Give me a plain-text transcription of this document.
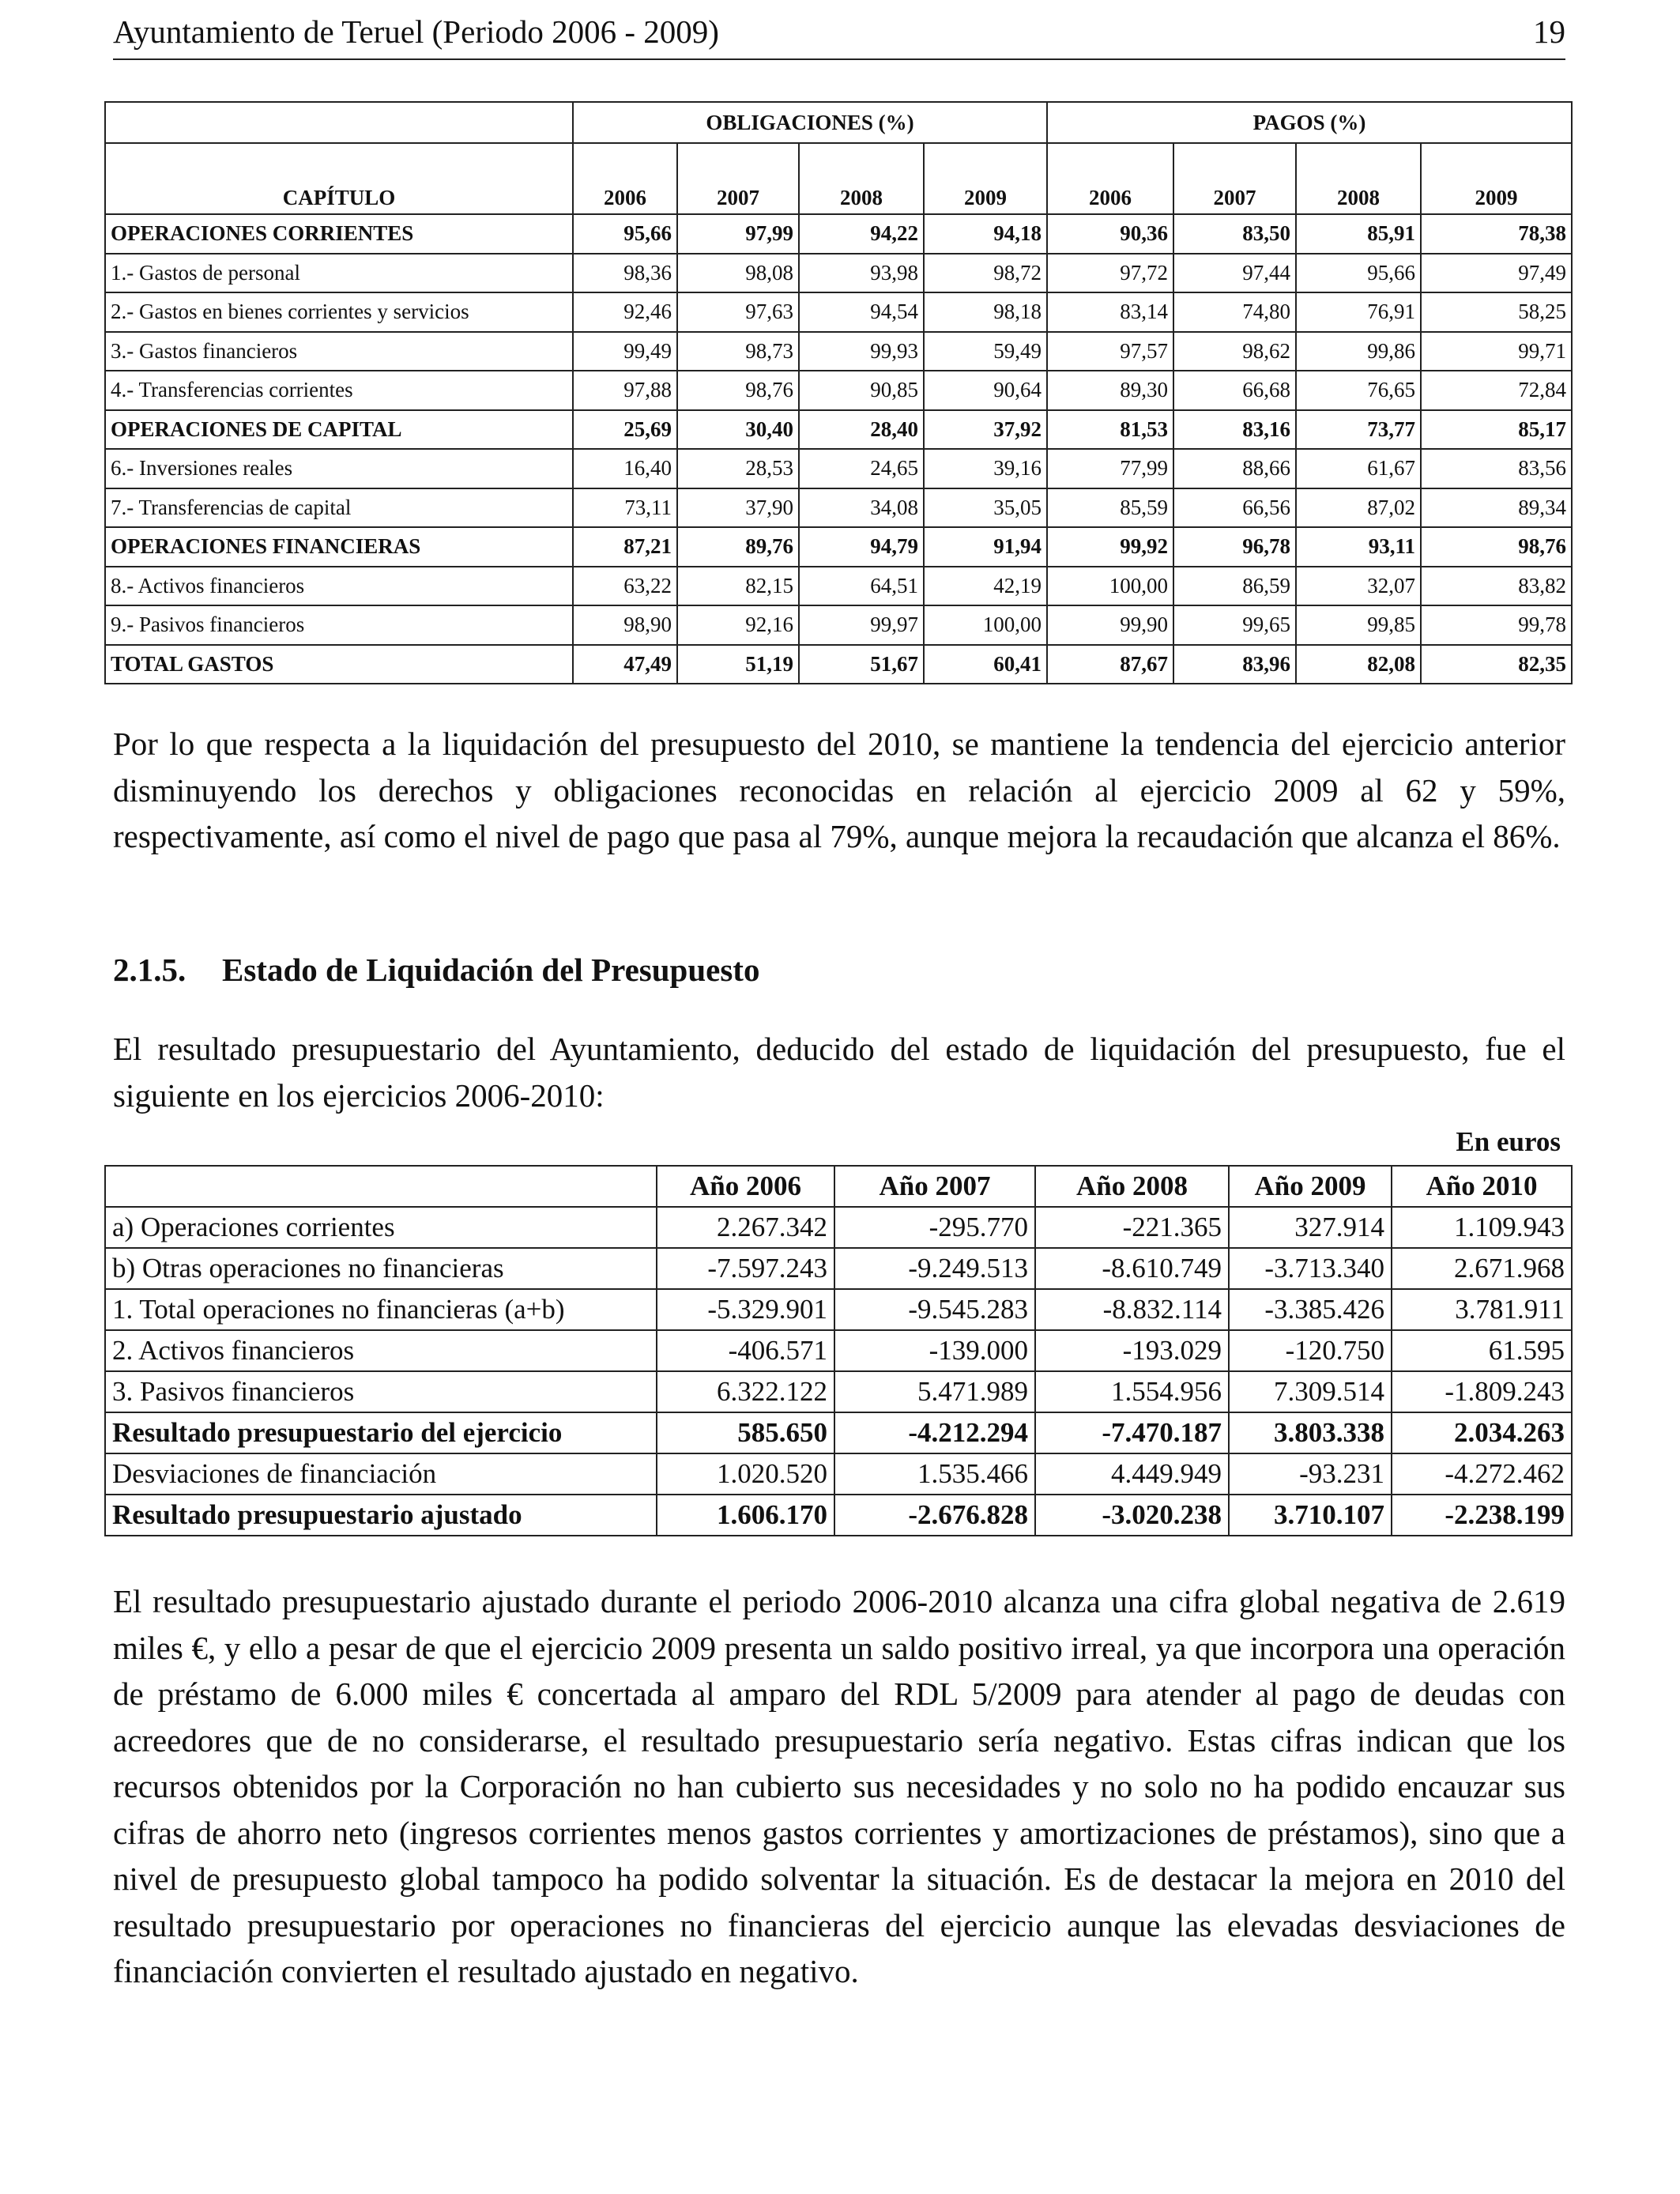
Ayuntamiento de Teruel (Periodo 2006 - 2009)	19
	OBLIGACIONES (%)				PAGOS (%)			
CAPÍTULO	2006	2007	2008	2009	2006	2007	2008	2009
OPERACIONES CORRIENTES	95,66	97,99	94,22	94,18	90,36	83,50	85,91	78,38
1.- Gastos de personal	98,36	98,08	93,98	98,72	97,72	97,44	95,66	97,49
2.- Gastos en bienes corrientes y servicios	92,46	97,63	94,54	98,18	83,14	74,80	76,91	58,25
3.- Gastos financieros	99,49	98,73	99,93	59,49	97,57	98,62	99,86	99,71
4.- Transferencias corrientes	97,88	98,76	90,85	90,64	89,30	66,68	76,65	72,84
OPERACIONES DE CAPITAL	25,69	30,40	28,40	37,92	81,53	83,16	73,77	85,17
6.- Inversiones reales	16,40	28,53	24,65	39,16	77,99	88,66	61,67	83,56
7.- Transferencias de capital	73,11	37,90	34,08	35,05	85,59	66,56	87,02	89,34
OPERACIONES FINANCIERAS	87,21	89,76	94,79	91,94	99,92	96,78	93,11	98,76
8.- Activos financieros	63,22	82,15	64,51	42,19	100,00	86,59	32,07	83,82
9.- Pasivos financieros	98,90	92,16	99,97	100,00	99,90	99,65	99,85	99,78
TOTAL GASTOS	47,49	51,19	51,67	60,41	87,67	83,96	82,08	82,35

Por lo que respecta a la liquidación del presupuesto del 2010, se mantiene la tendencia del ejercicio anterior disminuyendo los derechos y obligaciones reconocidas en relación al ejercicio 2009 al 62 y 59%, respectivamente, así como el nivel de pago que pasa al 79%, aunque mejora la recaudación que alcanza el 86%.

2.1.5. Estado de Liquidación del Presupuesto

El resultado presupuestario del Ayuntamiento, deducido del estado de liquidación del presupuesto, fue el siguiente en los ejercicios 2006-2010:

En euros
	Año 2006	Año 2007	Año 2008	Año 2009	Año 2010
a) Operaciones corrientes	2.267.342	-295.770	-221.365	327.914	1.109.943
b) Otras operaciones no financieras	-7.597.243	-9.249.513	-8.610.749	-3.713.340	2.671.968
1. Total operaciones no financieras (a+b)	-5.329.901	-9.545.283	-8.832.114	-3.385.426	3.781.911
2. Activos financieros	-406.571	-139.000	-193.029	-120.750	61.595
3. Pasivos financieros	6.322.122	5.471.989	1.554.956	7.309.514	-1.809.243
Resultado presupuestario del ejercicio	585.650	-4.212.294	-7.470.187	3.803.338	2.034.263
Desviaciones de financiación	1.020.520	1.535.466	4.449.949	-93.231	-4.272.462
Resultado presupuestario ajustado	1.606.170	-2.676.828	-3.020.238	3.710.107	-2.238.199

El resultado presupuestario ajustado durante el periodo 2006-2010 alcanza una cifra global negativa de 2.619 miles €, y ello a pesar de que el ejercicio 2009 presenta un saldo positivo irreal, ya que incorpora una operación de préstamo de 6.000 miles € concertada al amparo del RDL 5/2009 para atender al pago de deudas con acreedores que de no considerarse, el resultado presupuestario sería negativo. Estas cifras indican que los recursos obtenidos por la Corporación no han cubierto sus necesidades y no solo no ha podido encauzar sus cifras de ahorro neto (ingresos corrientes menos gastos corrientes y amortizaciones de préstamos), sino que a nivel de presupuesto global tampoco ha podido solventar la situación. Es de destacar la mejora en 2010 del resultado presupuestario por operaciones no financieras del ejercicio aunque las elevadas desviaciones de financiación convierten el resultado ajustado en negativo.
